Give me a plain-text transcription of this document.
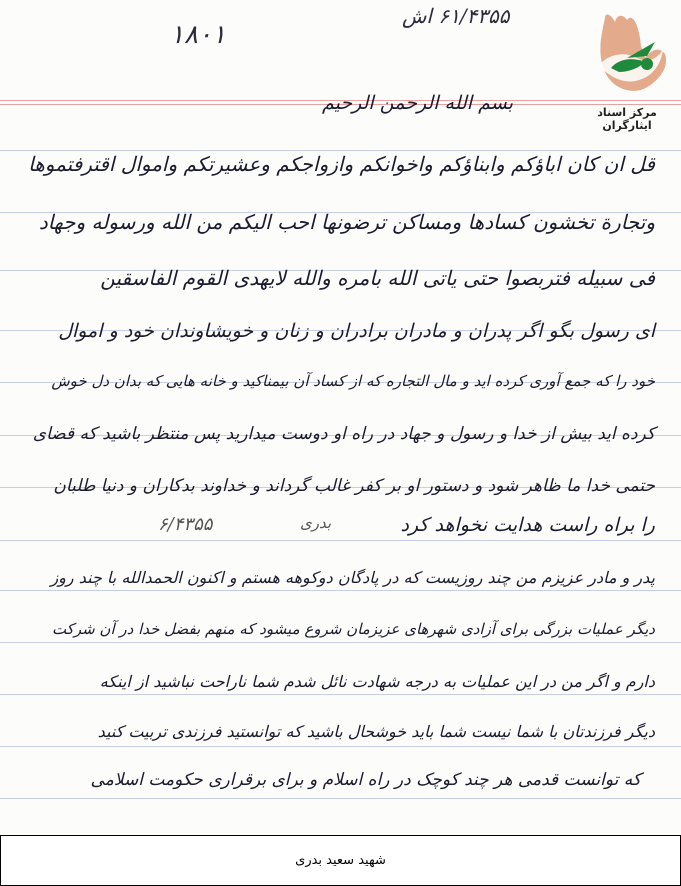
۱۸۰۱
۶۱/۴۳۵۵ اش
مرکز اسناد ایثارگران
بسم الله الرحمن الرحیم
قل ان کان اباؤکم وابناؤکم واخوانکم وازواجکم وعشیرتکم واموال اقترفتموها
وتجارة تخشون کسادها ومساکن ترضونها احب الیکم من الله ورسوله وجهاد
فی سبیله فتربصوا حتی یاتی الله بامره والله لایهدی القوم الفاسقین
ای رسول بگو اگر پدران و مادران برادران و زنان و خویشاوندان خود و اموال
خود را که جمع آوری کرده اید و مال التجاره که از کساد آن بیمناکید و خانه هایی که بدان دل خوش
کرده اید بیش از خدا و رسول و جهاد در راه او دوست میدارید پس منتظر باشید که قضای
حتمی خدا ما ظاهر شود و دستور او بر کفر غالب گرداند و خداوند بدکاران و دنیا طلبان
را براه راست هدایت نخواهد کرد
۶/۴۳۵۵	بدری
پدر و مادر عزیزم من چند روزیست که در پادگان دوکوهه هستم و اکنون الحمدالله با چند روز
دیگر عملیات بزرگی برای آزادی شهرهای عزیزمان شروع میشود که منهم بفضل خدا در آن شرکت
دارم و اگر من در این عملیات به درجه شهادت نائل شدم شما ناراحت نباشید از اینکه
دیگر فرزندتان با شما نیست شما باید خوشحال باشید که توانستید فرزندی تربیت کنید
که توانست قدمی هر چند کوچک در راه اسلام و برای برقراری حکومت اسلامی
شهید سعید بدری
